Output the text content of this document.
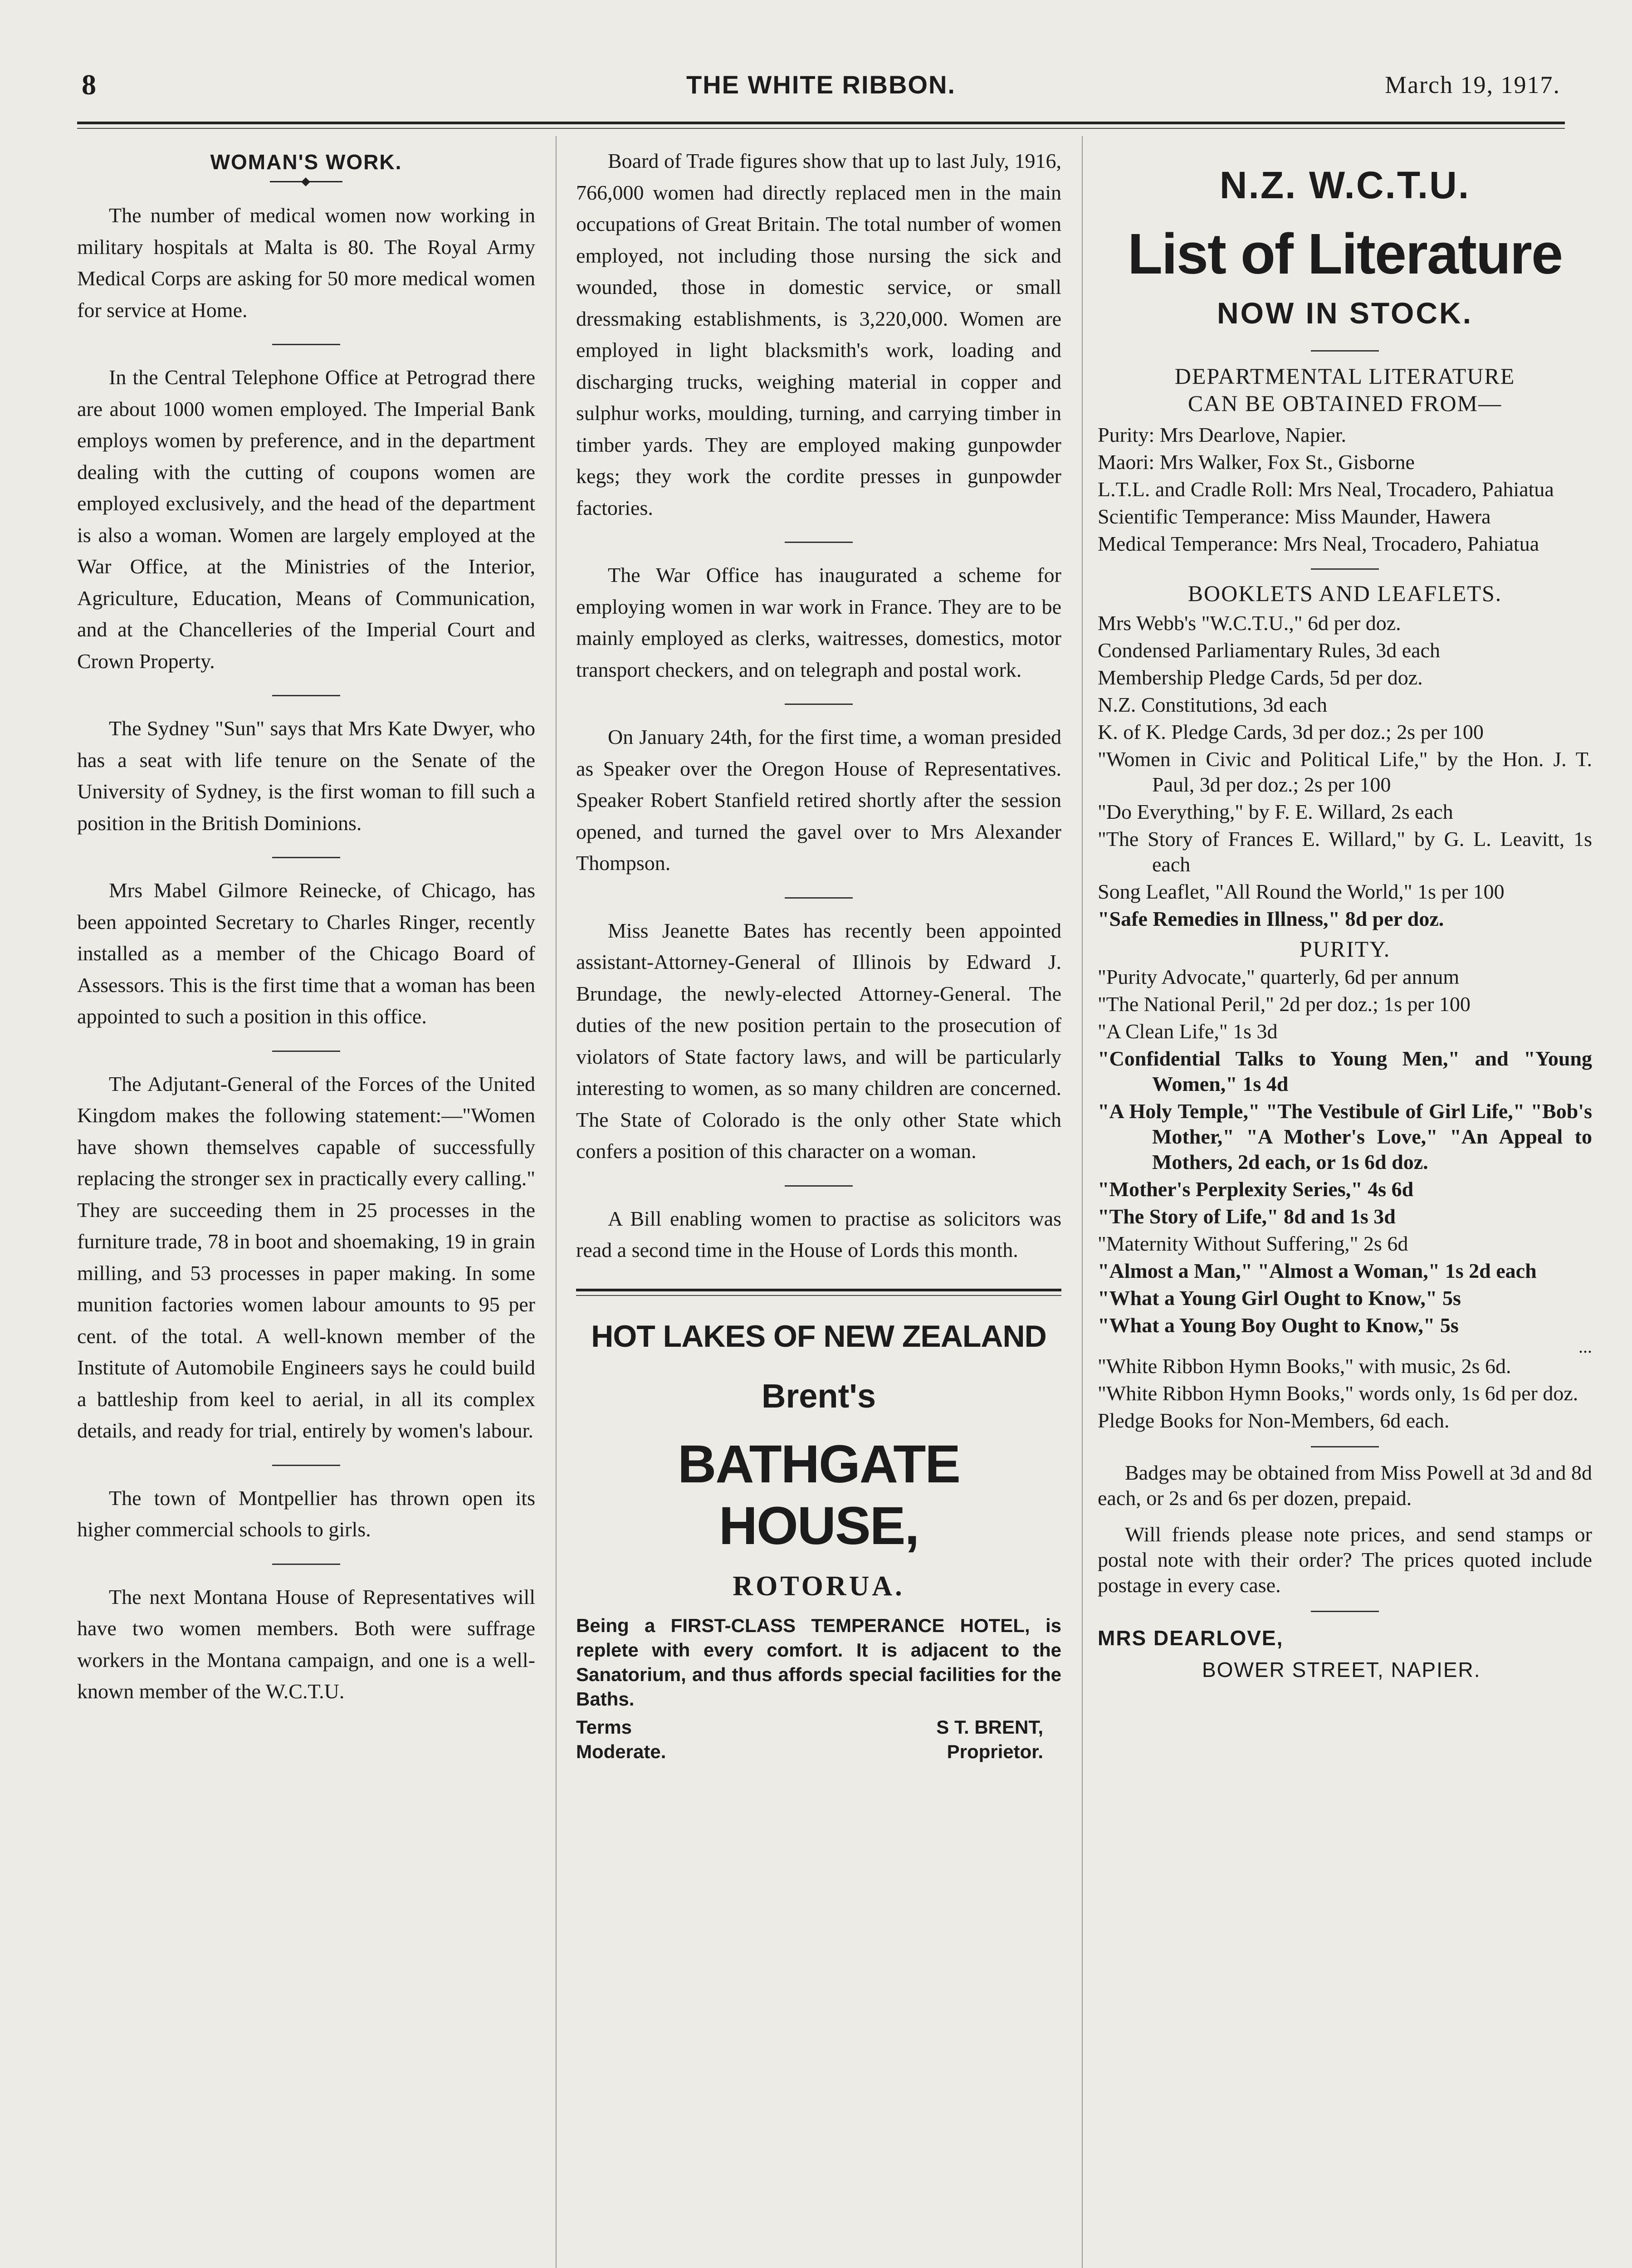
8	THE WHITE RIBBON.	March 19, 1917.
WOMAN'S WORK.

The number of medical women now working in military hospitals at Malta is 80. The Royal Army Medical Corps are asking for 50 more medical women for service at Home.

In the Central Telephone Office at Petrograd there are about 1000 women employed. The Imperial Bank employs women by preference, and in the department dealing with the cutting of coupons women are employed exclusively, and the head of the department is also a woman. Women are largely employed at the War Office, at the Ministries of the Interior, Agriculture, Education, Means of Communication, and at the Chancelleries of the Imperial Court and Crown Property.

The Sydney "Sun" says that Mrs Kate Dwyer, who has a seat with life tenure on the Senate of the University of Sydney, is the first woman to fill such a position in the British Dominions.

Mrs Mabel Gilmore Reinecke, of Chicago, has been appointed Secretary to Charles Ringer, recently installed as a member of the Chicago Board of Assessors. This is the first time that a woman has been appointed to such a position in this office.

The Adjutant-General of the Forces of the United Kingdom makes the following statement:—"Women have shown themselves capable of successfully replacing the stronger sex in practically every calling." They are succeeding them in 25 processes in the furniture trade, 78 in boot and shoemaking, 19 in grain milling, and 53 processes in paper making. In some munition factories women labour amounts to 95 per cent. of the total. A well-known member of the Institute of Automobile Engineers says he could build a battleship from keel to aerial, in all its complex details, and ready for trial, entirely by women's labour.

The town of Montpellier has thrown open its higher commercial schools to girls.

The next Montana House of Representatives will have two women members. Both were suffrage workers in the Montana campaign, and one is a well-known member of the W.C.T.U.

Board of Trade figures show that up to last July, 1916, 766,000 women had directly replaced men in the main occupations of Great Britain. The total number of women employed, not including those nursing the sick and wounded, those in domestic service, or small dressmaking establishments, is 3,220,000. Women are employed in light blacksmith's work, loading and discharging trucks, weighing material in copper and sulphur works, moulding, turning, and carrying timber in timber yards. They are employed making gunpowder kegs; they work the cordite presses in gunpowder factories.

The War Office has inaugurated a scheme for employing women in war work in France. They are to be mainly employed as clerks, waitresses, domestics, motor transport checkers, and on telegraph and postal work.

On January 24th, for the first time, a woman presided as Speaker over the Oregon House of Representatives. Speaker Robert Stanfield retired shortly after the session opened, and turned the gavel over to Mrs Alexander Thompson.

Miss Jeanette Bates has recently been appointed assistant-Attorney-General of Illinois by Edward J. Brundage, the newly-elected Attorney-General. The duties of the new position pertain to the prosecution of violators of State factory laws, and will be particularly interesting to women, as so many children are concerned. The State of Colorado is the only other State which confers a position of this character on a woman.

A Bill enabling women to practise as solicitors was read a second time in the House of Lords this month.

HOT LAKES OF NEW ZEALAND
Brent's
BATHGATE HOUSE,
ROTORUA.

Being a FIRST-CLASS TEMPERANCE HOTEL, is replete with every comfort. It is adjacent to the Sanatorium, and thus affords special facilities for the Baths.

Terms
Moderate.
S T. BRENT,
Proprietor.
N.Z. W.C.T.U.
List of Literature
NOW IN STOCK.

DEPARTMENTAL LITERATURE

CAN BE OBTAINED FROM—

Purity: Mrs Dearlove, Napier.

Maori: Mrs Walker, Fox St., Gisborne

L.T.L. and Cradle Roll: Mrs Neal, Trocadero, Pahiatua

Scientific Temperance: Miss Maunder, Hawera

Medical Temperance: Mrs Neal, Trocadero, Pahiatua

BOOKLETS AND LEAFLETS.

Mrs Webb's "W.C.T.U.," 6d per doz.

Condensed Parliamentary Rules, 3d each

Membership Pledge Cards, 5d per doz.

N.Z. Constitutions, 3d each

K. of K. Pledge Cards, 3d per doz.; 2s per 100

"Women in Civic and Political Life," by the Hon. J. T. Paul, 3d per doz.; 2s per 100

"Do Everything," by F. E. Willard, 2s each

"The Story of Frances E. Willard," by G. L. Leavitt, 1s each

Song Leaflet, "All Round the World," 1s per 100

"Safe Remedies in Illness," 8d per doz.

PURITY.

"Purity Advocate," quarterly, 6d per annum

"The National Peril," 2d per doz.; 1s per 100

"A Clean Life," 1s 3d

"Confidential Talks to Young Men," and "Young Women," 1s 4d

"A Holy Temple," "The Vestibule of Girl Life," "Bob's Mother," "A Mother's Love," "An Appeal to Mothers, 2d each, or 1s 6d doz.

"Mother's Perplexity Series," 4s 6d

"The Story of Life," 8d and 1s 3d

"Maternity Without Suffering," 2s 6d

"Almost a Man," "Almost a Woman," 1s 2d each

"What a Young Girl Ought to Know," 5s

"What a Young Boy Ought to Know," 5s

...

"White Ribbon Hymn Books," with music, 2s 6d.

"White Ribbon Hymn Books," words only, 1s 6d per doz.

Pledge Books for Non-Members, 6d each.

Badges may be obtained from Miss Powell at 3d and 8d each, or 2s and 6s per dozen, prepaid.

Will friends please note prices, and send stamps or postal note with their order? The prices quoted include postage in every case.

MRS DEARLOVE,
BOWER STREET, NAPIER.
